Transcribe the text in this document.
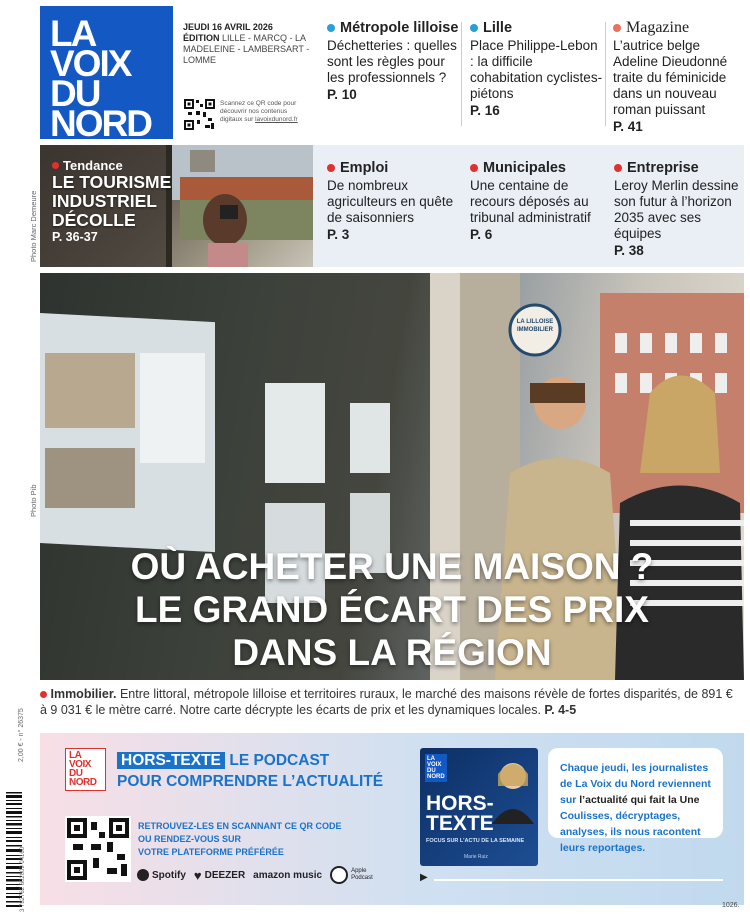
LA
VOIX
DU
NORD
JEUDI 16 AVRIL 2026
ÉDITION LILLE - MARCQ - LA MADELEINE - LAMBERSART - LOMME
Scannez ce QR code pour découvrir nos contenus digitaux sur lavoixdunord.fr
Métropole lilloise
Déchetteries : quelles sont les règles pour les professionnels ?
P. 10
Lille
Place Philippe-Lebon : la difficile cohabitation cyclistes-piétons
P. 16
Magazine
L’autrice belge Adeline Dieudonné traite du féminicide dans un nouveau roman puissant
P. 41
Tendance
LE TOURISME
INDUSTRIEL
DÉCOLLE
P. 36-37
Photo Marc Demeure
Emploi
De nombreux agriculteurs en quête de saisonniers
P. 3
Municipales
Une centaine de recours déposés au tribunal administratif
P. 6
Entreprise
Leroy Merlin dessine son futur à l’horizon 2035 avec ses équipes
P. 38
LA LILLOISE
IMMOBILIER
Photo Pib
OÙ ACHETER UNE MAISON ?
LE GRAND ÉCART DES PRIX
DANS LA RÉGION
Immobilier. Entre littoral, métropole lilloise et territoires ruraux, le marché des maisons révèle de fortes disparités, de 891 € à 9 031 € le mètre carré. Notre carte décrypte les écarts de prix et les dynamiques locales. P. 4-5
LA
VOIX
DU
NORD
HORS-TEXTE LE PODCAST
POUR COMPRENDRE L’ACTUALITÉ
RETROUVEZ-LES EN SCANNANT CE QR CODE
OU RENDEZ-VOUS SUR
VOTRE PLATEFORME PRÉFÉRÉE
Spotify ♥ DEEZER amazon music	Apple Podcast
LA
VOIX
DU
NORD
HORS-
TEXTE
FOCUS SUR L’ACTU DE LA SEMAINE
Marie Ruiz
▶
Chaque jeudi, les journalistes de La Voix du Nord reviennent sur l’actualité qui fait la Une Coulisses, décryptages, analyses, ils nous racontent leurs reportages.
2,00 € - n° 26375
3 782762 602009 04160	1026.
